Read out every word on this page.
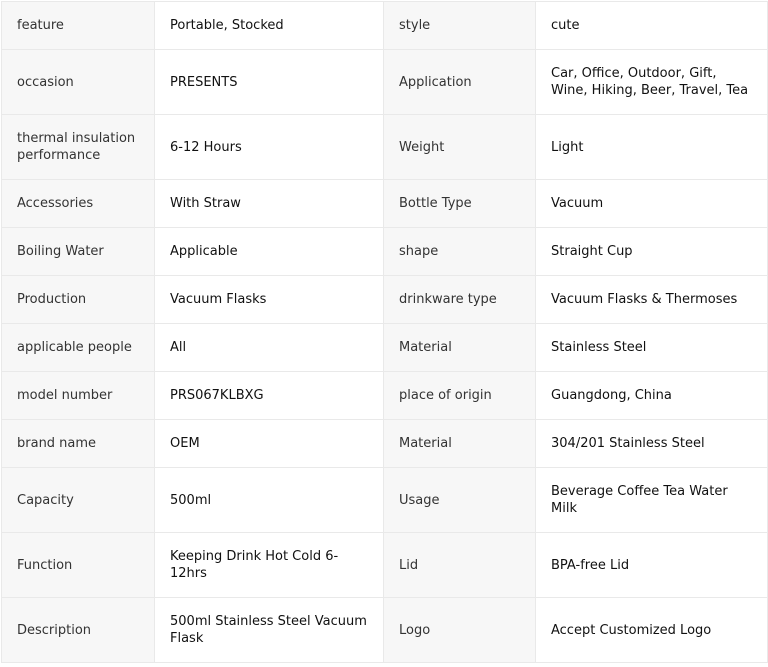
feature	Portable, Stocked	style	cute
occasion	PRESENTS	Application	Car, Office, Outdoor, Gift, Wine, Hiking, Beer, Travel, Tea
thermal insulation performance	6-12 Hours	Weight	Light
Accessories	With Straw	Bottle Type	Vacuum
Boiling Water	Applicable	shape	Straight Cup
Production	Vacuum Flasks	drinkware type	Vacuum Flasks & Thermoses
applicable people	All	Material	Stainless Steel
model number	PRS067KLBXG	place of origin	Guangdong, China
brand name	OEM	Material	304/201 Stainless Steel
Capacity	500ml	Usage	Beverage Coffee Tea Water Milk
Function	Keeping Drink Hot Cold 6-12hrs	Lid	BPA-free Lid
Description	500ml Stainless Steel Vacuum Flask	Logo	Accept Customized Logo
